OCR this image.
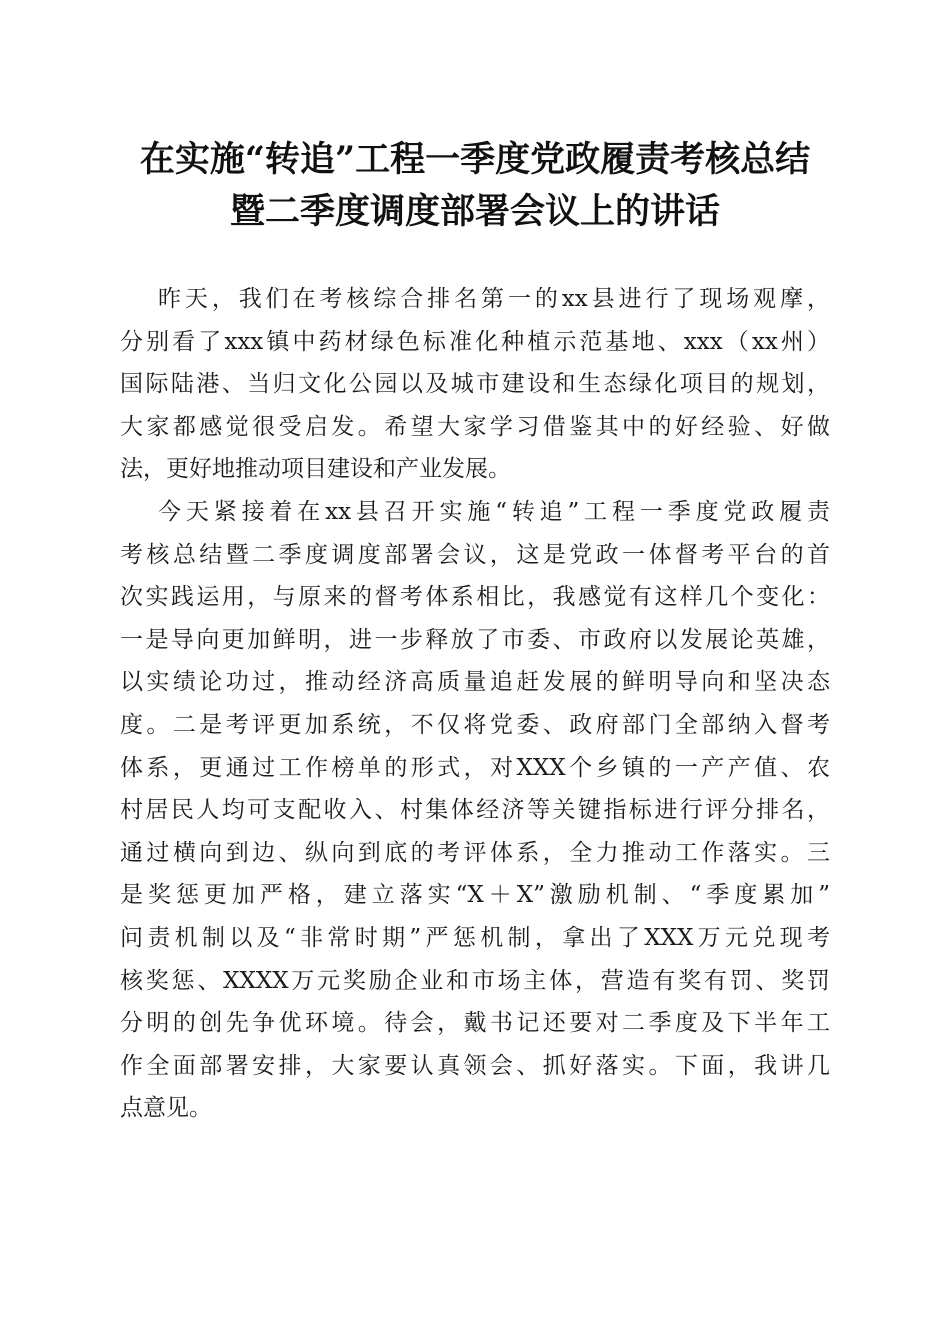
在实施“转追”工程一季度党政履责考核总结
暨二季度调度部署会议上的讲话
昨天，我们在考核综合排名第一的xx县进行了现场观摩，
分别看了xxx镇中药材绿色标准化种植示范基地、xxx（xx州）
国际陆港、当归文化公园以及城市建设和生态绿化项目的规划，
大家都感觉很受启发。希望大家学习借鉴其中的好经验、好做
法，更好地推动项目建设和产业发展。
今天紧接着在xx县召开实施“转追”工程一季度党政履责
考核总结暨二季度调度部署会议，这是党政一体督考平台的首
次实践运用，与原来的督考体系相比，我感觉有这样几个变化：
一是导向更加鲜明，进一步释放了市委、市政府以发展论英雄，
以实绩论功过，推动经济高质量追赶发展的鲜明导向和坚决态
度。二是考评更加系统，不仅将党委、政府部门全部纳入督考
体系，更通过工作榜单的形式，对XXX个乡镇的一产产值、农
村居民人均可支配收入、村集体经济等关键指标进行评分排名，
通过横向到边、纵向到底的考评体系，全力推动工作落实。三
是奖惩更加严格，建立落实“X＋X”激励机制、“季度累加”
问责机制以及“非常时期”严惩机制，拿出了XXX万元兑现考
核奖惩、XXXX万元奖励企业和市场主体，营造有奖有罚、奖罚
分明的创先争优环境。待会，戴书记还要对二季度及下半年工
作全面部署安排，大家要认真领会、抓好落实。下面，我讲几
点意见。
